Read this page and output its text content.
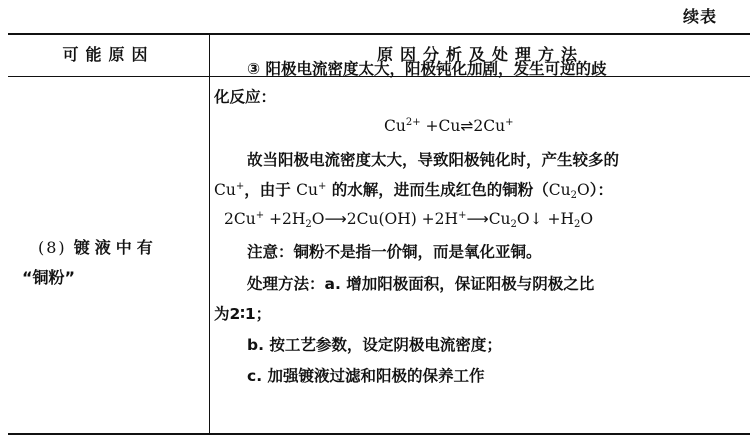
续表
可能原因	原因分析及处理方法
(8) 镀液中有
“铜粉”
③ 阳极电流密度太大，阳极钝化加剧，发生可逆的歧
化反应：
$Cu^{2+}$ +Cu⇌2Cu+
故当阳极电流密度太大，导致阳极钝化时，产生较多的
Cu+，由于 Cu+ 的水解，进而生成红色的铜粉$(Cu_2O)$：
$2Cu^+ +2H_2O⟶2Cu(OH)$ $+2H^+⟶Cu_2O↓ +H_2O$
注意：铜粉不是指一价铜，而是氧化亚铜。
处理方法：a. 增加阳极面积，保证阳极与阴极之比
为2∶1；
b. 按工艺参数，设定阴极电流密度；
c. 加强镀液过滤和阳极的保养工作
